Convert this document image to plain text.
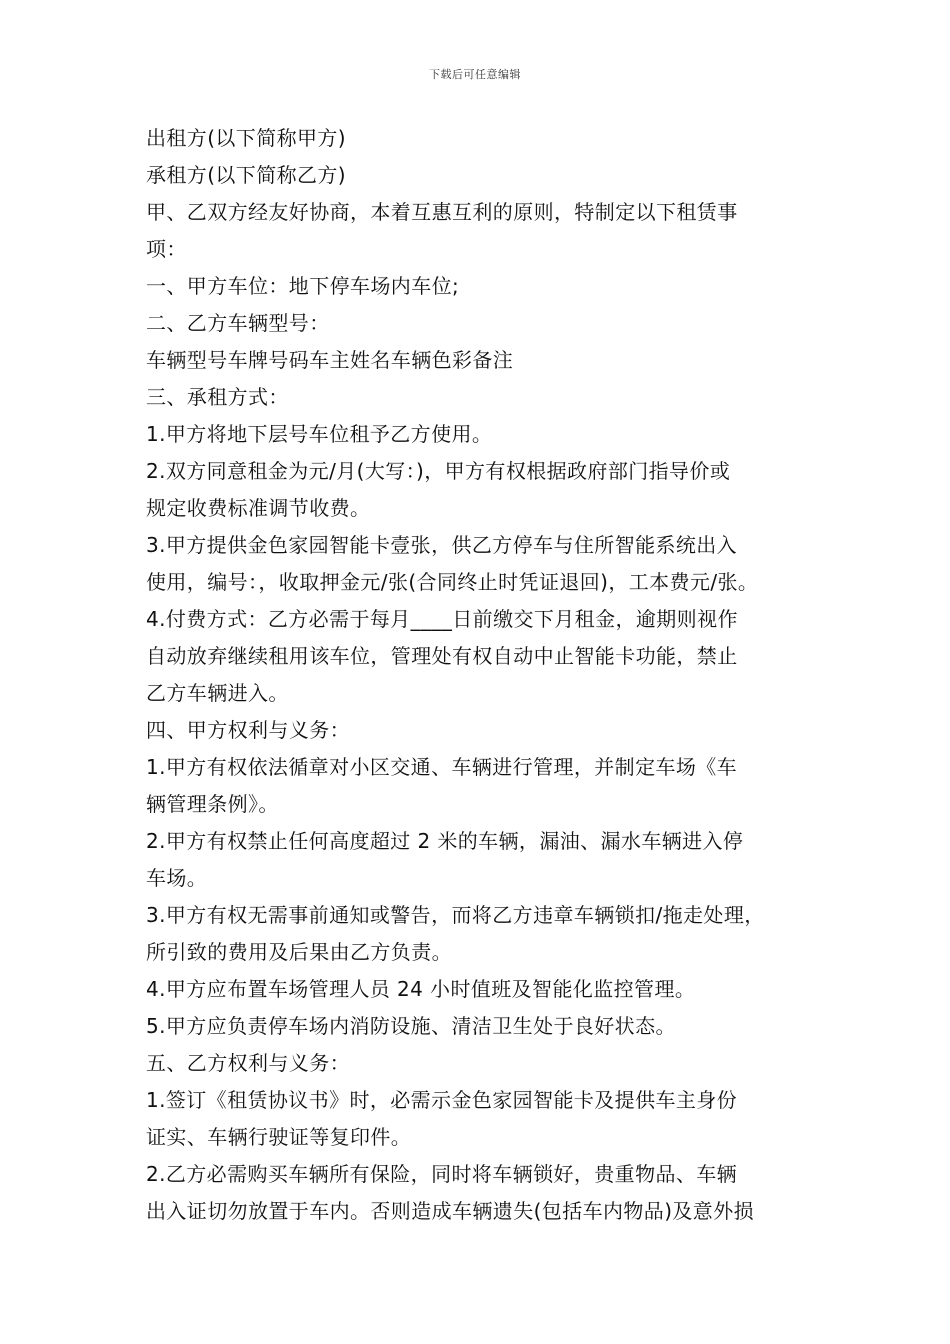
下载后可任意编辑
出租方(以下简称甲方)
承租方(以下简称乙方)
甲、乙双方经友好协商，本着互惠互利的原则，特制定以下租赁事
项：
一、甲方车位：地下停车场内车位;
二、乙方车辆型号：
车辆型号车牌号码车主姓名车辆色彩备注
三、承租方式：
1.甲方将地下层号车位租予乙方使用。
2.双方同意租金为元/月(大写：)，甲方有权根据政府部门指导价或
规定收费标准调节收费。
3.甲方提供金色家园智能卡壹张，供乙方停车与住所智能系统出入
使用，编号：，收取押金元/张(合同终止时凭证退回)，工本费元/张。
4.付费方式：乙方必需于每月____日前缴交下月租金，逾期则视作
自动放弃继续租用该车位，管理处有权自动中止智能卡功能，禁止
乙方车辆进入。
四、甲方权利与义务：
1.甲方有权依法循章对小区交通、车辆进行管理，并制定车场《车
辆管理条例》。
2.甲方有权禁止任何高度超过 2 米的车辆，漏油、漏水车辆进入停
车场。
3.甲方有权无需事前通知或警告，而将乙方违章车辆锁扣/拖走处理，
所引致的费用及后果由乙方负责。
4.甲方应布置车场管理人员 24 小时值班及智能化监控管理。
5.甲方应负责停车场内消防设施、清洁卫生处于良好状态。
五、乙方权利与义务：
1.签订《租赁协议书》时，必需示金色家园智能卡及提供车主身份
证实、车辆行驶证等复印件。
2.乙方必需购买车辆所有保险，同时将车辆锁好，贵重物品、车辆
出入证切勿放置于车内。否则造成车辆遗失(包括车内物品)及意外损
